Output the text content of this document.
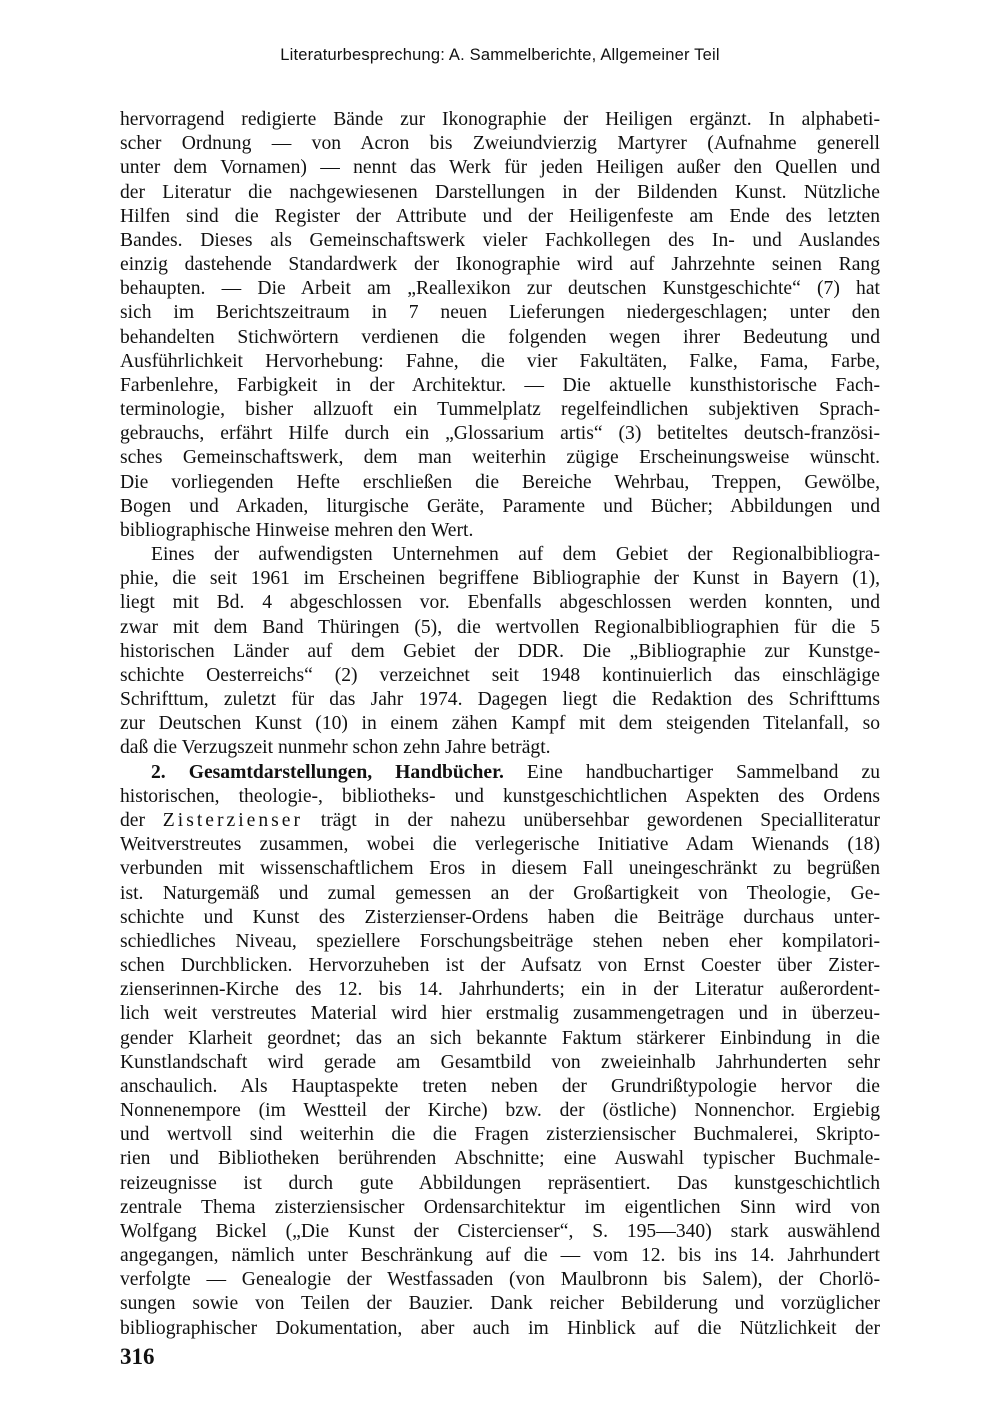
Literaturbesprechung: A. Sammelberichte, Allgemeiner Teil
hervorragend redigierte Bände zur Ikonographie der Heiligen ergänzt. In alphabeti-
scher Ordnung — von Acron bis Zweiundvierzig Martyrer (Aufnahme generell
unter dem Vornamen) — nennt das Werk für jeden Heiligen außer den Quellen und
der Literatur die nachgewiesenen Darstellungen in der Bildenden Kunst. Nützliche
Hilfen sind die Register der Attribute und der Heiligenfeste am Ende des letzten
Bandes. Dieses als Gemeinschaftswerk vieler Fachkollegen des In- und Auslandes
einzig dastehende Standardwerk der Ikonographie wird auf Jahrzehnte seinen Rang
behaupten. — Die Arbeit am „Reallexikon zur deutschen Kunstgeschichte“ (7) hat
sich im Berichtszeitraum in 7 neuen Lieferungen niedergeschlagen; unter den
behandelten Stichwörtern verdienen die folgenden wegen ihrer Bedeutung und
Ausführlichkeit Hervorhebung: Fahne, die vier Fakultäten, Falke, Fama, Farbe,
Farbenlehre, Farbigkeit in der Architektur. — Die aktuelle kunsthistorische Fach-
terminologie, bisher allzuoft ein Tummelplatz regelfeindlichen subjektiven Sprach-
gebrauchs, erfährt Hilfe durch ein „Glossarium artis“ (3) betiteltes deutsch-französi-
sches Gemeinschaftswerk, dem man weiterhin zügige Erscheinungsweise wünscht.
Die vorliegenden Hefte erschließen die Bereiche Wehrbau, Treppen, Gewölbe,
Bogen und Arkaden, liturgische Geräte, Paramente und Bücher; Abbildungen und
bibliographische Hinweise mehren den Wert.
Eines der aufwendigsten Unternehmen auf dem Gebiet der Regionalbibliogra-
phie, die seit 1961 im Erscheinen begriffene Bibliographie der Kunst in Bayern (1),
liegt mit Bd. 4 abgeschlossen vor. Ebenfalls abgeschlossen werden konnten, und
zwar mit dem Band Thüringen (5), die wertvollen Regionalbibliographien für die 5
historischen Länder auf dem Gebiet der DDR. Die „Bibliographie zur Kunstge-
schichte Oesterreichs“ (2) verzeichnet seit 1948 kontinuierlich das einschlägige
Schrifttum, zuletzt für das Jahr 1974. Dagegen liegt die Redaktion des Schrifttums
zur Deutschen Kunst (10) in einem zähen Kampf mit dem steigenden Titelanfall, so
daß die Verzugszeit nunmehr schon zehn Jahre beträgt.
2. Gesamtdarstellungen, Handbücher. Eine handbuchartiger Sammelband zu
historischen, theologie-, bibliotheks- und kunstgeschichtlichen Aspekten des Ordens
der Zisterzienser trägt in der nahezu unübersehbar gewordenen Specialliteratur
Weitverstreutes zusammen, wobei die verlegerische Initiative Adam Wienands (18)
verbunden mit wissenschaftlichem Eros in diesem Fall uneingeschränkt zu begrüßen
ist. Naturgemäß und zumal gemessen an der Großartigkeit von Theologie, Ge-
schichte und Kunst des Zisterzienser-Ordens haben die Beiträge durchaus unter-
schiedliches Niveau, speziellere Forschungsbeiträge stehen neben eher kompilatori-
schen Durchblicken. Hervorzuheben ist der Aufsatz von Ernst Coester über Zister-
zienserinnen-Kirche des 12. bis 14. Jahrhunderts; ein in der Literatur außerordent-
lich weit verstreutes Material wird hier erstmalig zusammengetragen und in überzeu-
gender Klarheit geordnet; das an sich bekannte Faktum stärkerer Einbindung in die
Kunstlandschaft wird gerade am Gesamtbild von zweieinhalb Jahrhunderten sehr
anschaulich. Als Hauptaspekte treten neben der Grundrißtypologie hervor die
Nonnenempore (im Westteil der Kirche) bzw. der (östliche) Nonnenchor. Ergiebig
und wertvoll sind weiterhin die die Fragen zisterziensischer Buchmalerei, Skripto-
rien und Bibliotheken berührenden Abschnitte; eine Auswahl typischer Buchmale-
reizeugnisse ist durch gute Abbildungen repräsentiert. Das kunstgeschichtlich
zentrale Thema zisterziensischer Ordensarchitektur im eigentlichen Sinn wird von
Wolfgang Bickel („Die Kunst der Cistercienser“, S. 195—340) stark auswählend
angegangen, nämlich unter Beschränkung auf die — vom 12. bis ins 14. Jahrhundert
verfolgte — Genealogie der Westfassaden (von Maulbronn bis Salem), der Chorlö-
sungen sowie von Teilen der Bauzier. Dank reicher Bebilderung und vorzüglicher
bibliographischer Dokumentation, aber auch im Hinblick auf die Nützlichkeit der
316
